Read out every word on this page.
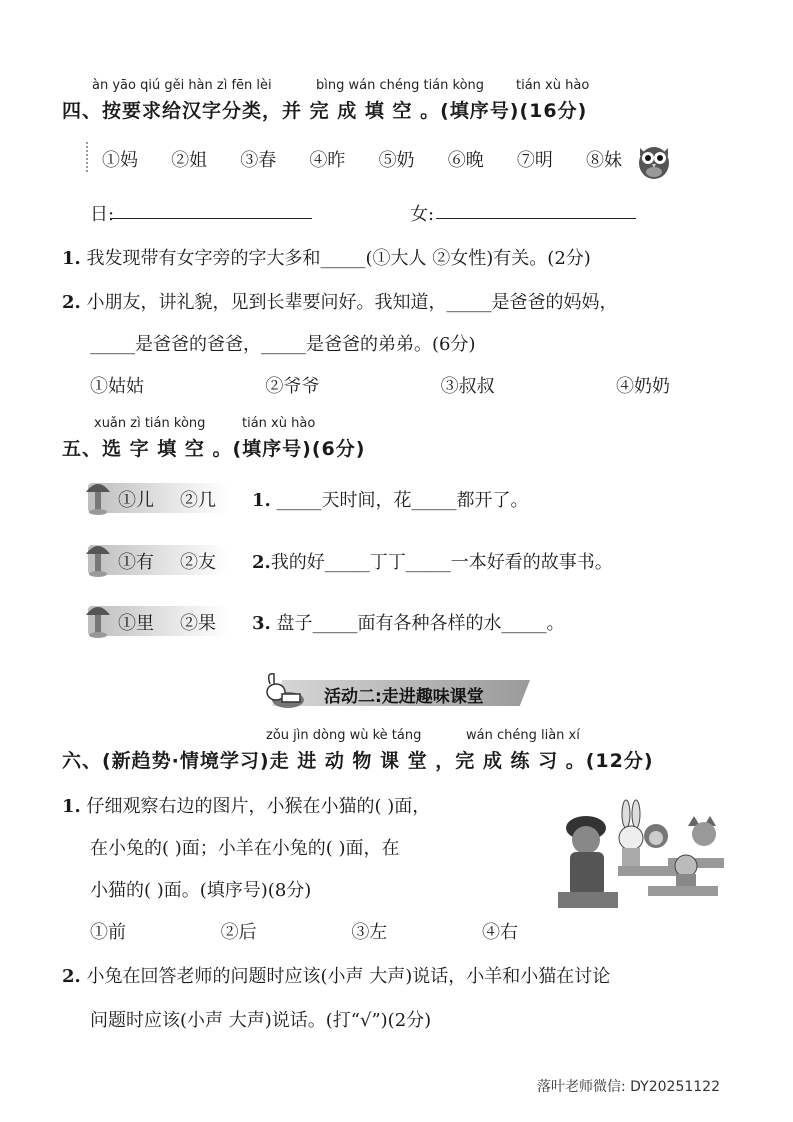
àn yāo qiú gěi hàn zì fēn lèi	bìng wán chéng tián kòng tián xù hào
四、按要求给汉字分类，并 完 成 填 空 。(填序号)(16分)
①妈 ②姐 ③春 ④昨 ⑤奶 ⑥晚 ⑦明 ⑧妹
日:	女:
1. 我发现带有女字旁的字大多和_____(①大人 ②女性)有关。(2分)
2. 小朋友，讲礼貌，见到长辈要问好。我知道，_____是爸爸的妈妈，
_____是爸爸的爸爸，_____是爸爸的弟弟。(6分)
①姑姑	②爷爷	③叔叔	④奶奶
xuǎn zì tián kòng	tián xù hào
五、选 字 填 空 。(填序号)(6分)
①儿 ②几 1. _____天时间，花_____都开了。
①有 ②友 2.我的好_____丁丁_____一本好看的故事书。
①里 ②果 3. 盘子_____面有各种各样的水_____。
活动二:走进趣味课堂
zǒu jìn dòng wù kè táng	wán chéng liàn xí
六、(新趋势·情境学习)走 进 动 物 课 堂 ，完 成 练 习 。(12分)
1. 仔细观察右边的图片，小猴在小猫的( )面，
在小兔的( )面；小羊在小兔的( )面，在
小猫的( )面。(填序号)(8分)
①前	②后	③左	④右
2. 小兔在回答老师的问题时应该(小声 大声)说话，小羊和小猫在讨论
问题时应该(小声 大声)说话。(打“√”)(2分)
落叶老师微信: DY20251122
